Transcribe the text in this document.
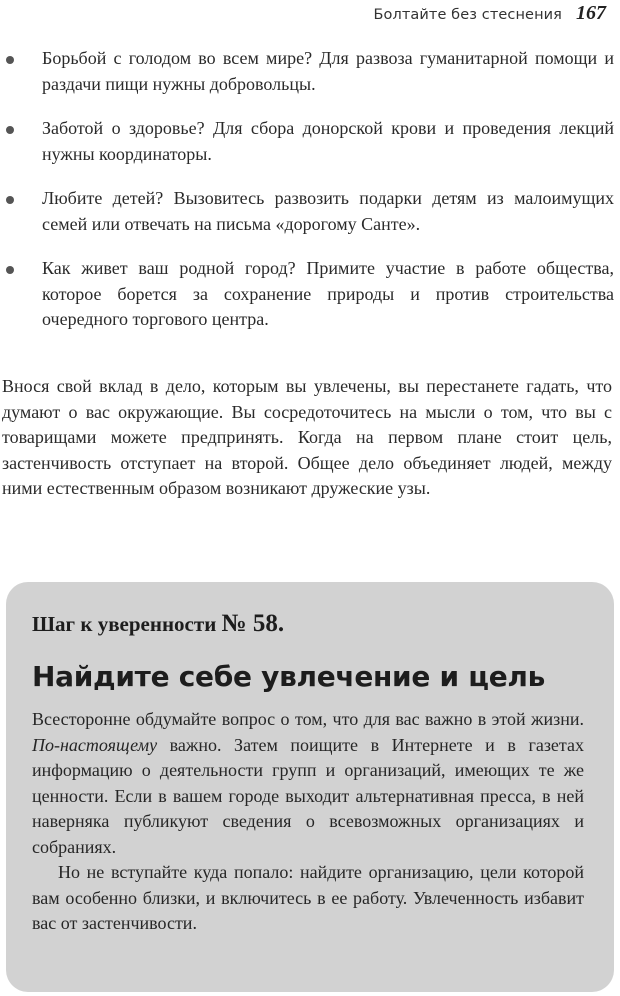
Болтайте без стеснения 167
Борьбой с голодом во всем мире? Для развоза гуманитарной помощи и раздачи пищи нужны добровольцы.
Заботой о здоровье? Для сбора донорской крови и проведения лекций нужны координаторы.
Любите детей? Вызовитесь развозить подарки детям из малоимущих семей или отвечать на письма «дорогому Санте».
Как живет ваш родной город? Примите участие в работе общества, которое борется за сохранение природы и против строительства очередного торгового центра.
Внося свой вклад в дело, которым вы увлечены, вы перестанете гадать, что думают о вас окружающие. Вы сосредоточитесь на мысли о том, что вы с товарищами можете предпринять. Когда на первом плане стоит цель, застенчивость отступает на второй. Общее дело объединяет людей, между ними естественным образом возникают дружеские узы.

Шаг к уверенности № 58.

Найдите себе увлечение и цель

Всесторонне обдумайте вопрос о том, что для вас важно в этой жизни. По-настоящему важно. Затем поищите в Интернете и в газетах информацию о деятельности групп и организаций, имеющих те же ценности. Если в вашем городе выходит альтернативная пресса, в ней наверняка публикуют сведения о всевозможных организациях и собраниях.

Но не вступайте куда попало: найдите организацию, цели которой вам особенно близки, и включитесь в ее работу. Увлеченность избавит вас от застенчивости.
